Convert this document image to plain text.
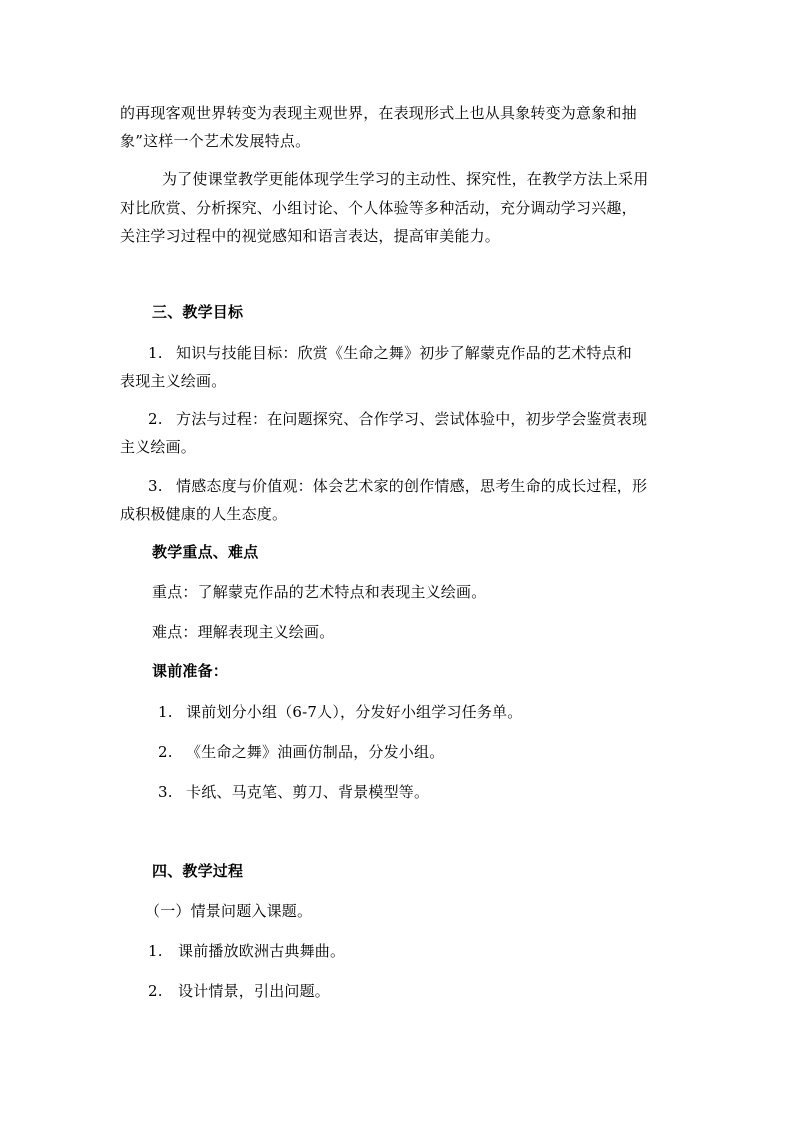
的再现客观世界转变为表现主观世界，在表现形式上也从具象转变为意象和抽
象”这样一个艺术发展特点。
为了使课堂教学更能体现学生学习的主动性、探究性，在教学方法上采用
对比欣赏、分析探究、小组讨论、个人体验等多种活动，充分调动学习兴趣，
关注学习过程中的视觉感知和语言表达，提高审美能力。
三、教学目标
1. 知识与技能目标：欣赏《生命之舞》初步了解蒙克作品的艺术特点和
表现主义绘画。
2. 方法与过程：在问题探究、合作学习、尝试体验中，初步学会鉴赏表现
主义绘画。
3. 情感态度与价值观：体会艺术家的创作情感，思考生命的成长过程，形
成积极健康的人生态度。
教学重点、难点
重点：了解蒙克作品的艺术特点和表现主义绘画。
难点：理解表现主义绘画。
课前准备：
1. 课前划分小组（6-7人），分发好小组学习任务单。
2. 《生命之舞》油画仿制品，分发小组。
3. 卡纸、马克笔、剪刀、背景模型等。
四、教学过程
（一）情景问题入课题。
1. 课前播放欧洲古典舞曲。
2. 设计情景，引出问题。
